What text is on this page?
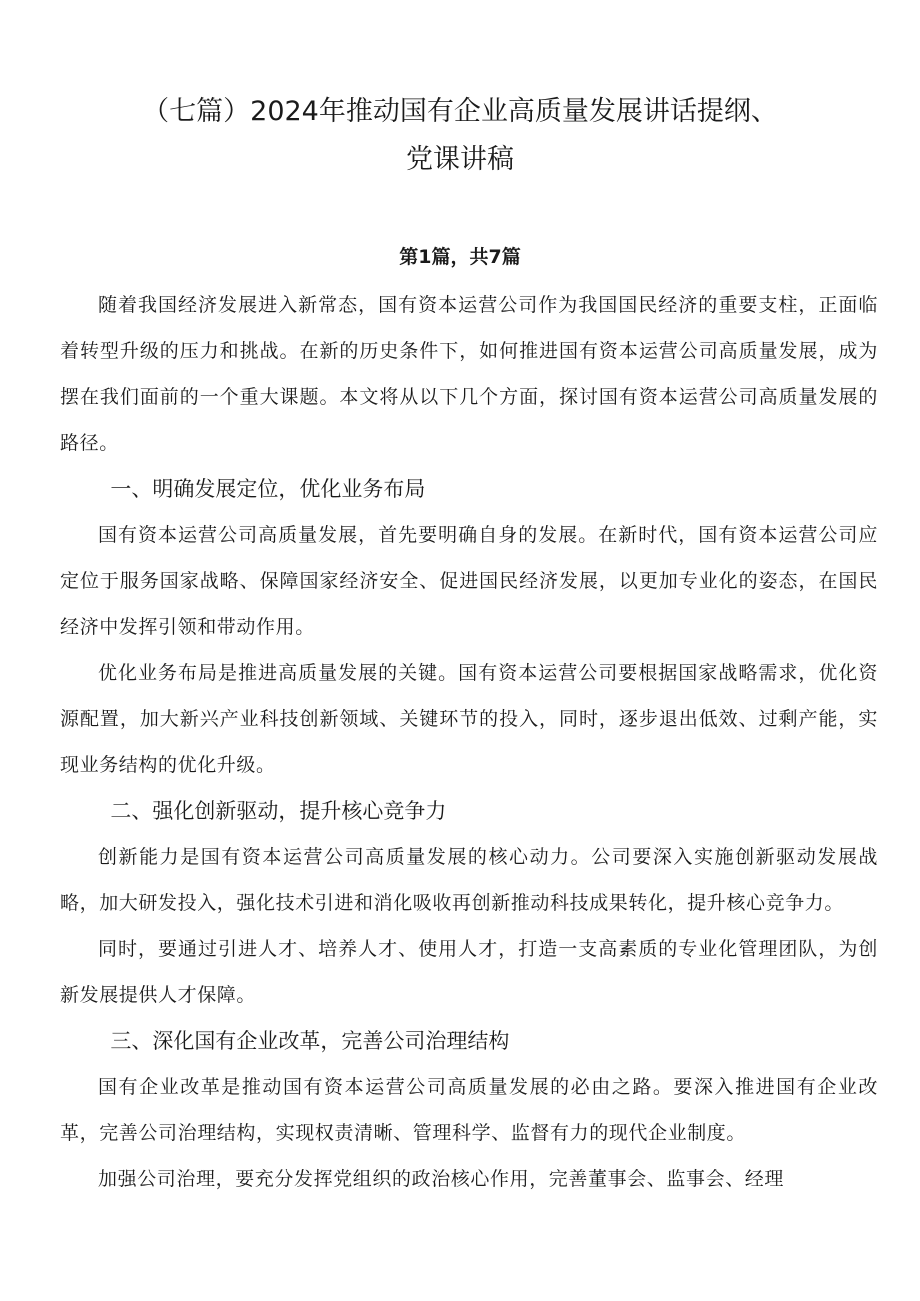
（七篇）2024年推动国有企业高质量发展讲话提纲、
党课讲稿
第1篇，共7篇

随着我国经济发展进入新常态，国有资本运营公司作为我国国民经济的重要支柱，正面临着转型升级的压力和挑战。在新的历史条件下，如何推进国有资本运营公司高质量发展，成为摆在我们面前的一个重大课题。本文将从以下几个方面，探讨国有资本运营公司高质量发展的路径。

一、明确发展定位，优化业务布局

国有资本运营公司高质量发展，首先要明确自身的发展。在新时代，国有资本运营公司应定位于服务国家战略、保障国家经济安全、促进国民经济发展，以更加专业化的姿态，在国民经济中发挥引领和带动作用。

优化业务布局是推进高质量发展的关键。国有资本运营公司要根据国家战略需求，优化资源配置，加大新兴产业科技创新领域、关键环节的投入，同时，逐步退出低效、过剩产能，实现业务结构的优化升级。

二、强化创新驱动，提升核心竞争力

创新能力是国有资本运营公司高质量发展的核心动力。公司要深入实施创新驱动发展战略，加大研发投入，强化技术引进和消化吸收再创新推动科技成果转化，提升核心竞争力。

同时，要通过引进人才、培养人才、使用人才，打造一支高素质的专业化管理团队，为创新发展提供人才保障。

三、深化国有企业改革，完善公司治理结构

国有企业改革是推动国有资本运营公司高质量发展的必由之路。要深入推进国有企业改革，完善公司治理结构，实现权责清晰、管理科学、监督有力的现代企业制度。

加强公司治理，要充分发挥党组织的政治核心作用，完善董事会、监事会、经理
